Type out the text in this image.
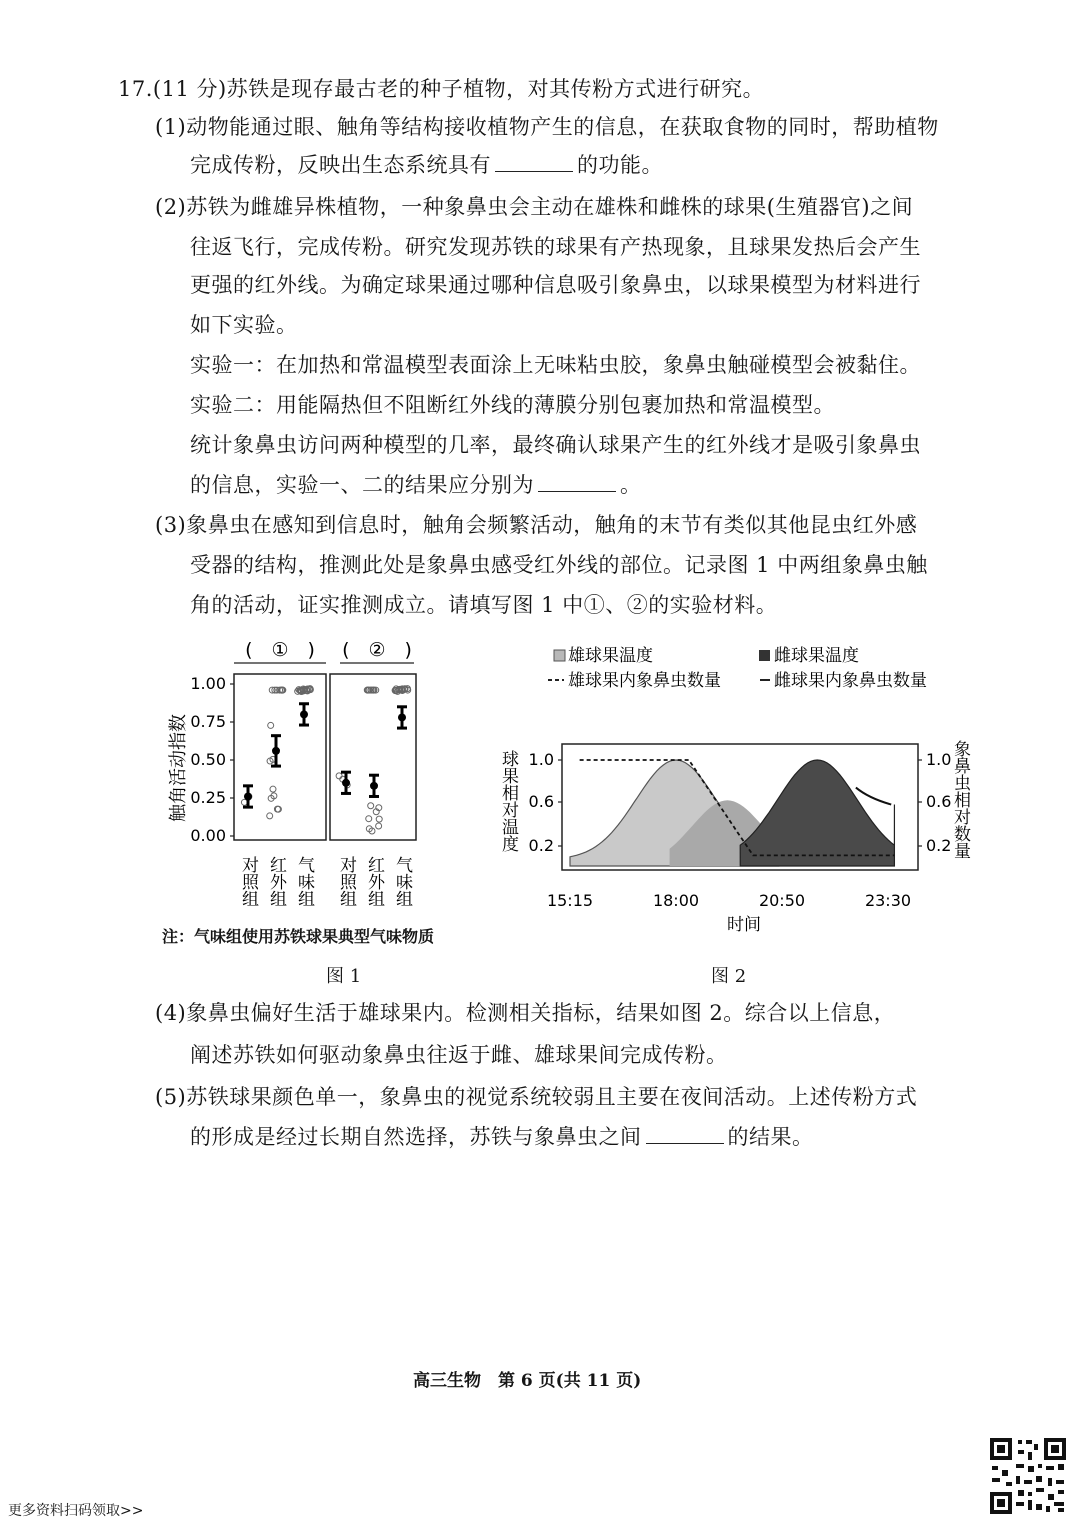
17.(11 分)苏铁是现存最古老的种子植物，对其传粉方式进行研究。
(1)动物能通过眼、触角等结构接收植物产生的信息，在获取食物的同时，帮助植物
完成传粉，反映出生态系统具有	的功能。
(2)苏铁为雌雄异株植物，一种象鼻虫会主动在雄株和雌株的球果(生殖器官)之间
往返飞行，完成传粉。研究发现苏铁的球果有产热现象，且球果发热后会产生
更强的红外线。为确定球果通过哪种信息吸引象鼻虫，以球果模型为材料进行
如下实验。
实验一：在加热和常温模型表面涂上无味粘虫胶，象鼻虫触碰模型会被黏住。
实验二：用能隔热但不阻断红外线的薄膜分别包裹加热和常温模型。
统计象鼻虫访问两种模型的几率，最终确认球果产生的红外线才是吸引象鼻虫
的信息，实验一、二的结果应分别为	。
(3)象鼻虫在感知到信息时，触角会频繁活动，触角的末节有类似其他昆虫红外感
受器的结构，推测此处是象鼻虫感受红外线的部位。记录图 1 中两组象鼻虫触
角的活动，证实推测成立。请填写图 1 中①、②的实验材料。
触角活动指数
1.00
0.75
0.50
0.25
0.00
(　①　) (　②　)
对照组 红外组 气味组 对照组 红外组 气味组
注：气味组使用苏铁球果典型气味物质
图 1
雄球果温度	雌球果温度
雄球果内象鼻虫数量	雌球果内象鼻虫数量
1.0
0.6
0.2
1.0
0.6
0.2
球果相对温度	象鼻虫相对数量
15:15	18:00	20:50	23:30
时间
图 2
(4)象鼻虫偏好生活于雄球果内。检测相关指标，结果如图 2。综合以上信息，
阐述苏铁如何驱动象鼻虫往返于雌、雄球果间完成传粉。
(5)苏铁球果颜色单一，象鼻虫的视觉系统较弱且主要在夜间活动。上述传粉方式
的形成是经过长期自然选择，苏铁与象鼻虫之间	的结果。
高三生物　第 6 页(共 11 页)
更多资料扫码领取>>
